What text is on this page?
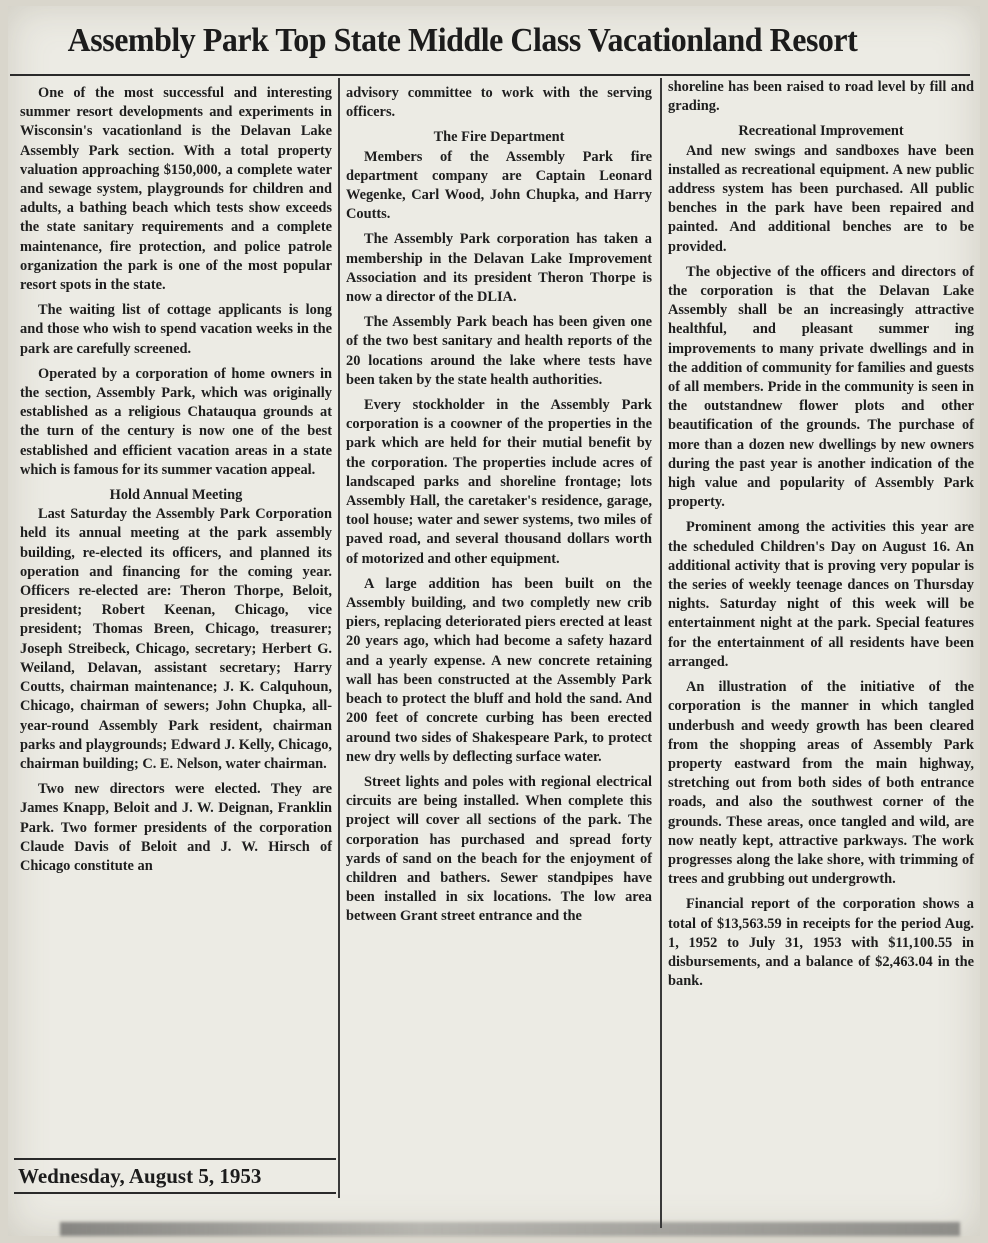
Assembly Park Top State Middle Class Vacationland Resort

One of the most successful and interesting summer resort developments and experiments in Wisconsin's vacationland is the Delavan Lake Assembly Park section. With a total property valuation approaching $150,000, a complete water and sewage system, playgrounds for children and adults, a bathing beach which tests show exceeds the state sanitary requirements and a complete maintenance, fire protection, and police patrole organization the park is one of the most popular resort spots in the state.

The waiting list of cottage applicants is long and those who wish to spend vacation weeks in the park are carefully screened.

Operated by a corporation of home owners in the section, Assembly Park, which was originally established as a religious Chatauqua grounds at the turn of the century is now one of the best established and efficient vacation areas in a state which is famous for its summer vacation appeal.

Hold Annual Meeting

Last Saturday the Assembly Park Corporation held its annual meeting at the park assembly building, re-elected its officers, and planned its operation and financing for the coming year. Officers re-elected are: Theron Thorpe, Beloit, president; Robert Keenan, Chicago, vice president; Thomas Breen, Chicago, treasurer; Joseph Streibeck, Chicago, secretary; Herbert G. Weiland, Delavan, assistant secretary; Harry Coutts, chairman maintenance; J. K. Calquhoun, Chicago, chairman of sewers; John Chupka, all-year-round Assembly Park resident, chairman parks and playgrounds; Edward J. Kelly, Chicago, chairman building; C. E. Nelson, water chairman.

Two new directors were elected. They are James Knapp, Beloit and J. W. Deignan, Franklin Park. Two former presidents of the corporation Claude Davis of Beloit and J. W. Hirsch of Chicago constitute an

Wednesday, August 5, 1953

advisory committee to work with the serving officers.

The Fire Department

Members of the Assembly Park fire department company are Captain Leonard Wegenke, Carl Wood, John Chupka, and Harry Coutts.

The Assembly Park corporation has taken a membership in the Delavan Lake Improvement Association and its president Theron Thorpe is now a director of the DLIA.

The Assembly Park beach has been given one of the two best sanitary and health reports of the 20 locations around the lake where tests have been taken by the state health authorities.

Every stockholder in the Assembly Park corporation is a coowner of the properties in the park which are held for their mutial benefit by the corporation. The properties include acres of landscaped parks and shoreline frontage; lots Assembly Hall, the caretaker's residence, garage, tool house; water and sewer systems, two miles of paved road, and several thousand dollars worth of motorized and other equipment.

A large addition has been built on the Assembly building, and two completly new crib piers, replacing deteriorated piers erected at least 20 years ago, which had become a safety hazard and a yearly expense. A new concrete retaining wall has been constructed at the Assembly Park beach to protect the bluff and hold the sand. And 200 feet of concrete curbing has been erected around two sides of Shakespeare Park, to protect new dry wells by deflecting surface water.

Street lights and poles with regional electrical circuits are being installed. When complete this project will cover all sections of the park. The corporation has purchased and spread forty yards of sand on the beach for the enjoyment of children and bathers. Sewer standpipes have been installed in six locations. The low area between Grant street entrance and the

shoreline has been raised to road level by fill and grading.

Recreational Improvement

And new swings and sandboxes have been installed as recreational equipment. A new public address system has been purchased. All public benches in the park have been repaired and painted. And additional benches are to be provided.

The objective of the officers and directors of the corporation is that the Delavan Lake Assembly shall be an increasingly attractive healthful, and pleasant summer ing improvements to many private dwellings and in the addition of community for families and guests of all members. Pride in the community is seen in the outstandnew flower plots and other beautification of the grounds. The purchase of more than a dozen new dwellings by new owners during the past year is another indication of the high value and popularity of Assembly Park property.

Prominent among the activities this year are the scheduled Children's Day on August 16. An additional activity that is proving very popular is the series of weekly teenage dances on Thursday nights. Saturday night of this week will be entertainment night at the park. Special features for the entertainment of all residents have been arranged.

An illustration of the initiative of the corporation is the manner in which tangled underbush and weedy growth has been cleared from the shopping areas of Assembly Park property eastward from the main highway, stretching out from both sides of both entrance roads, and also the southwest corner of the grounds. These areas, once tangled and wild, are now neatly kept, attractive parkways. The work progresses along the lake shore, with trimming of trees and grubbing out undergrowth.

Financial report of the corporation shows a total of $13,563.59 in receipts for the period Aug. 1, 1952 to July 31, 1953 with $11,100.55 in disbursements, and a balance of $2,463.04 in the bank.
